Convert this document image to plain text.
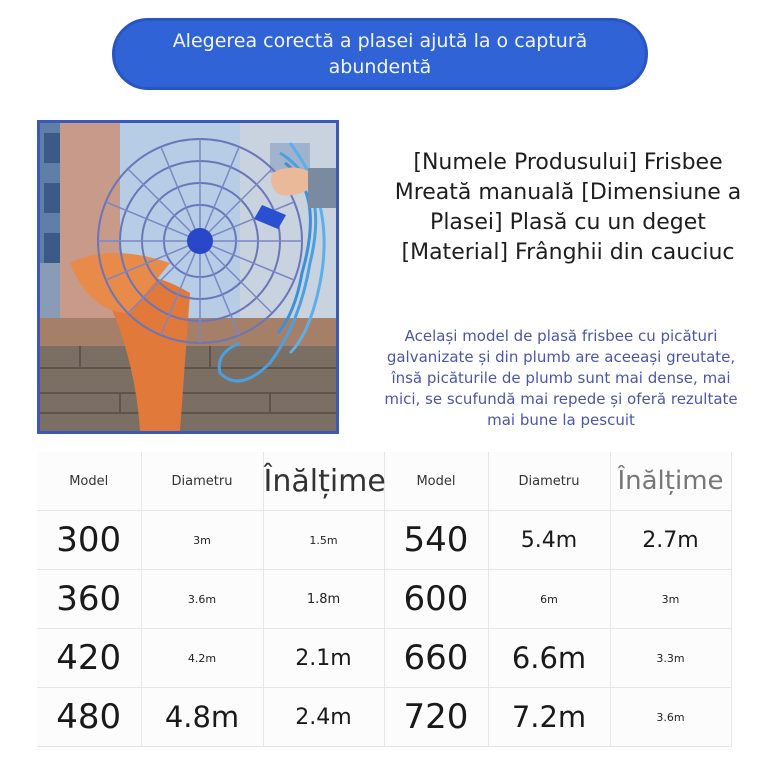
Alegerea corectă a plasei ajută la o captură abundentă
[Numele Produsului] Frisbee Mreată manuală [Dimensiune a Plasei] Plasă cu un deget [Material] Frânghii din cauciuc
Același model de plasă frisbee cu picături galvanizate și din plumb are aceeași greutate, însă picăturile de plumb sunt mai dense, mai mici, se scufundă mai repede și oferă rezultate mai bune la pescuit
Model	Diametru	Înălțime	Model	Diametru	Înălțime
300	3m	1.5m	540	5.4m	2.7m
360	3.6m	1.8m	600	6m	3m
420	4.2m	2.1m	660	6.6m	3.3m
480	4.8m	2.4m	720	7.2m	3.6m
